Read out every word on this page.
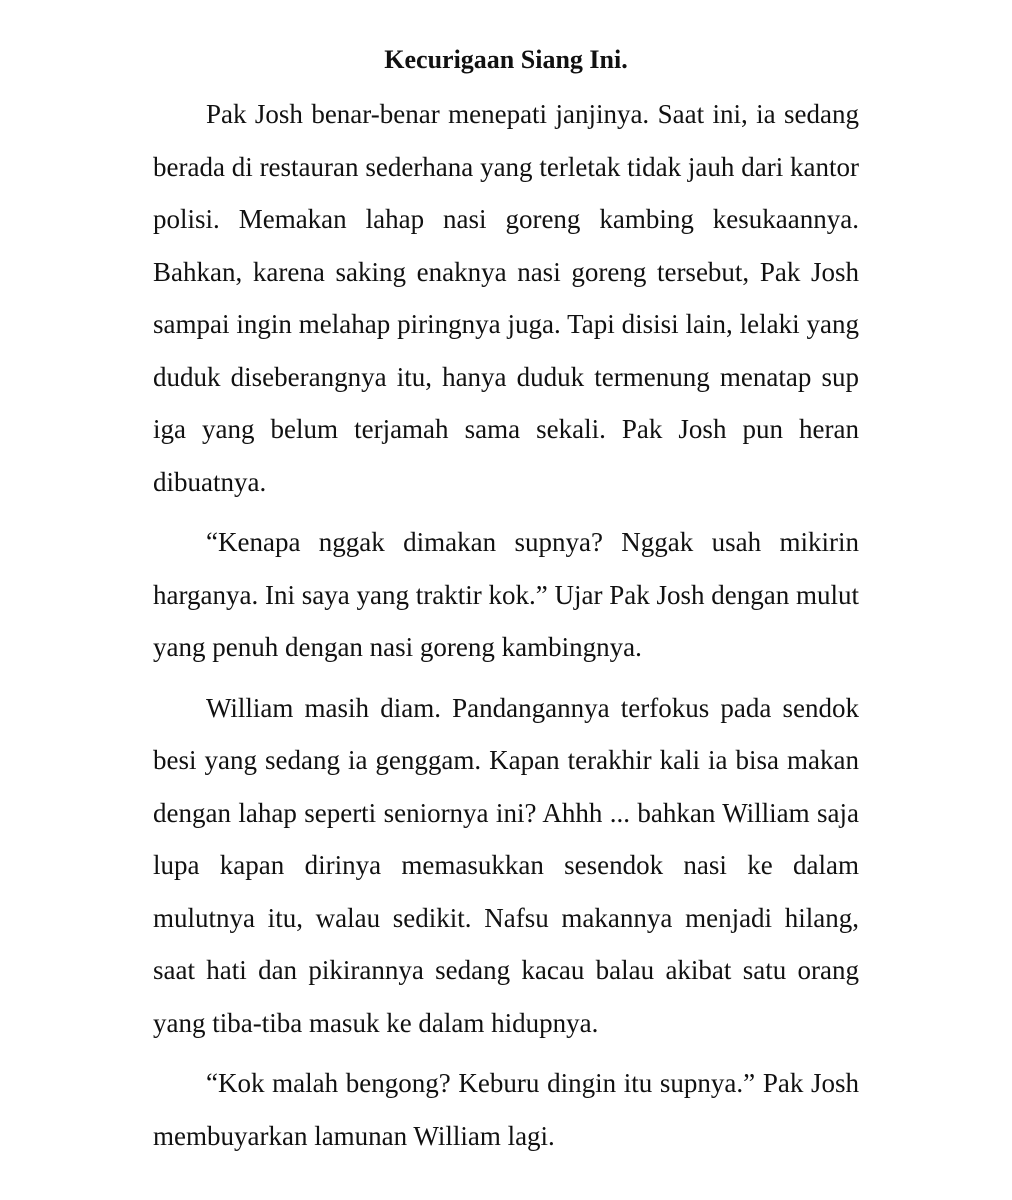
Kecurigaan Siang Ini.

Pak Josh benar-benar menepati janjinya. Saat ini, ia sedang berada di restauran sederhana yang terletak tidak jauh dari kantor polisi. Memakan lahap nasi goreng kambing kesukaannya. Bahkan, karena saking enaknya nasi goreng tersebut, Pak Josh sampai ingin melahap piringnya juga. Tapi disisi lain, lelaki yang duduk diseberangnya itu, hanya duduk termenung menatap sup iga yang belum terjamah sama sekali. Pak Josh pun heran dibuatnya.

“Kenapa nggak dimakan supnya? Nggak usah mikirin harganya. Ini saya yang traktir kok.” Ujar Pak Josh dengan mulut yang penuh dengan nasi goreng kambingnya.

William masih diam. Pandangannya terfokus pada sendok besi yang sedang ia genggam. Kapan terakhir kali ia bisa makan dengan lahap seperti seniornya ini? Ahhh ... bahkan William saja lupa kapan dirinya memasukkan sesendok nasi ke dalam mulutnya itu, walau sedikit. Nafsu makannya menjadi hilang, saat hati dan pikirannya sedang kacau balau akibat satu orang yang tiba-tiba masuk ke dalam hidupnya.

“Kok malah bengong? Keburu dingin itu supnya.” Pak Josh membuyarkan lamunan William lagi.
